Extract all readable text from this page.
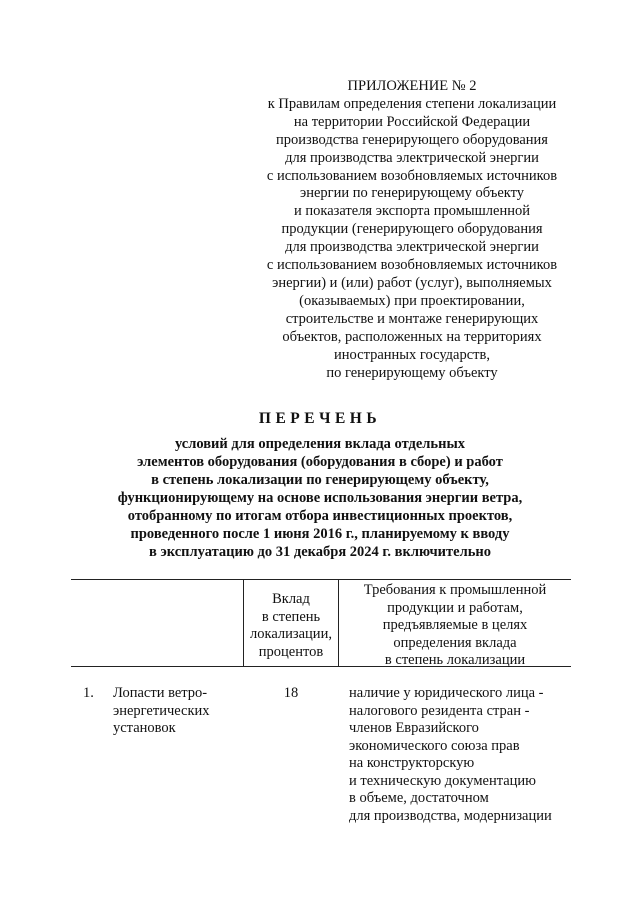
ПРИЛОЖЕНИЕ № 2
к Правилам определения степени локализации
на территории Российской Федерации
производства генерирующего оборудования
для производства электрической энергии
с использованием возобновляемых источников
энергии по генерирующему объекту
и показателя экспорта промышленной
продукции (генерирующего оборудования
для производства электрической энергии
с использованием возобновляемых источников
энергии) и (или) работ (услуг), выполняемых
(оказываемых) при проектировании,
строительстве и монтаже генерирующих
объектов, расположенных на территориях
иностранных государств,
по генерирующему объекту
ПЕРЕЧЕНЬ
условий для определения вклада отдельных
элементов оборудования (оборудования в сборе) и работ
в степень локализации по генерирующему объекту,
функционирующему на основе использования энергии ветра,
отобранному по итогам отбора инвестиционных проектов,
проведенного после 1 июня 2016 г., планируемому к вводу
в эксплуатацию до 31 декабря 2024 г. включительно
Вклад
в степень
локализации,
процентов
Требования к промышленной
продукции и работам,
предъявляемые в целях
определения вклада
в степень локализации
1. Лопасти ветро-
энергетических
установок
18	наличие у юридического лица -
налогового резидента стран -
членов Евразийского
экономического союза прав
на конструкторскую
и техническую документацию
в объеме, достаточном
для производства, модернизации
